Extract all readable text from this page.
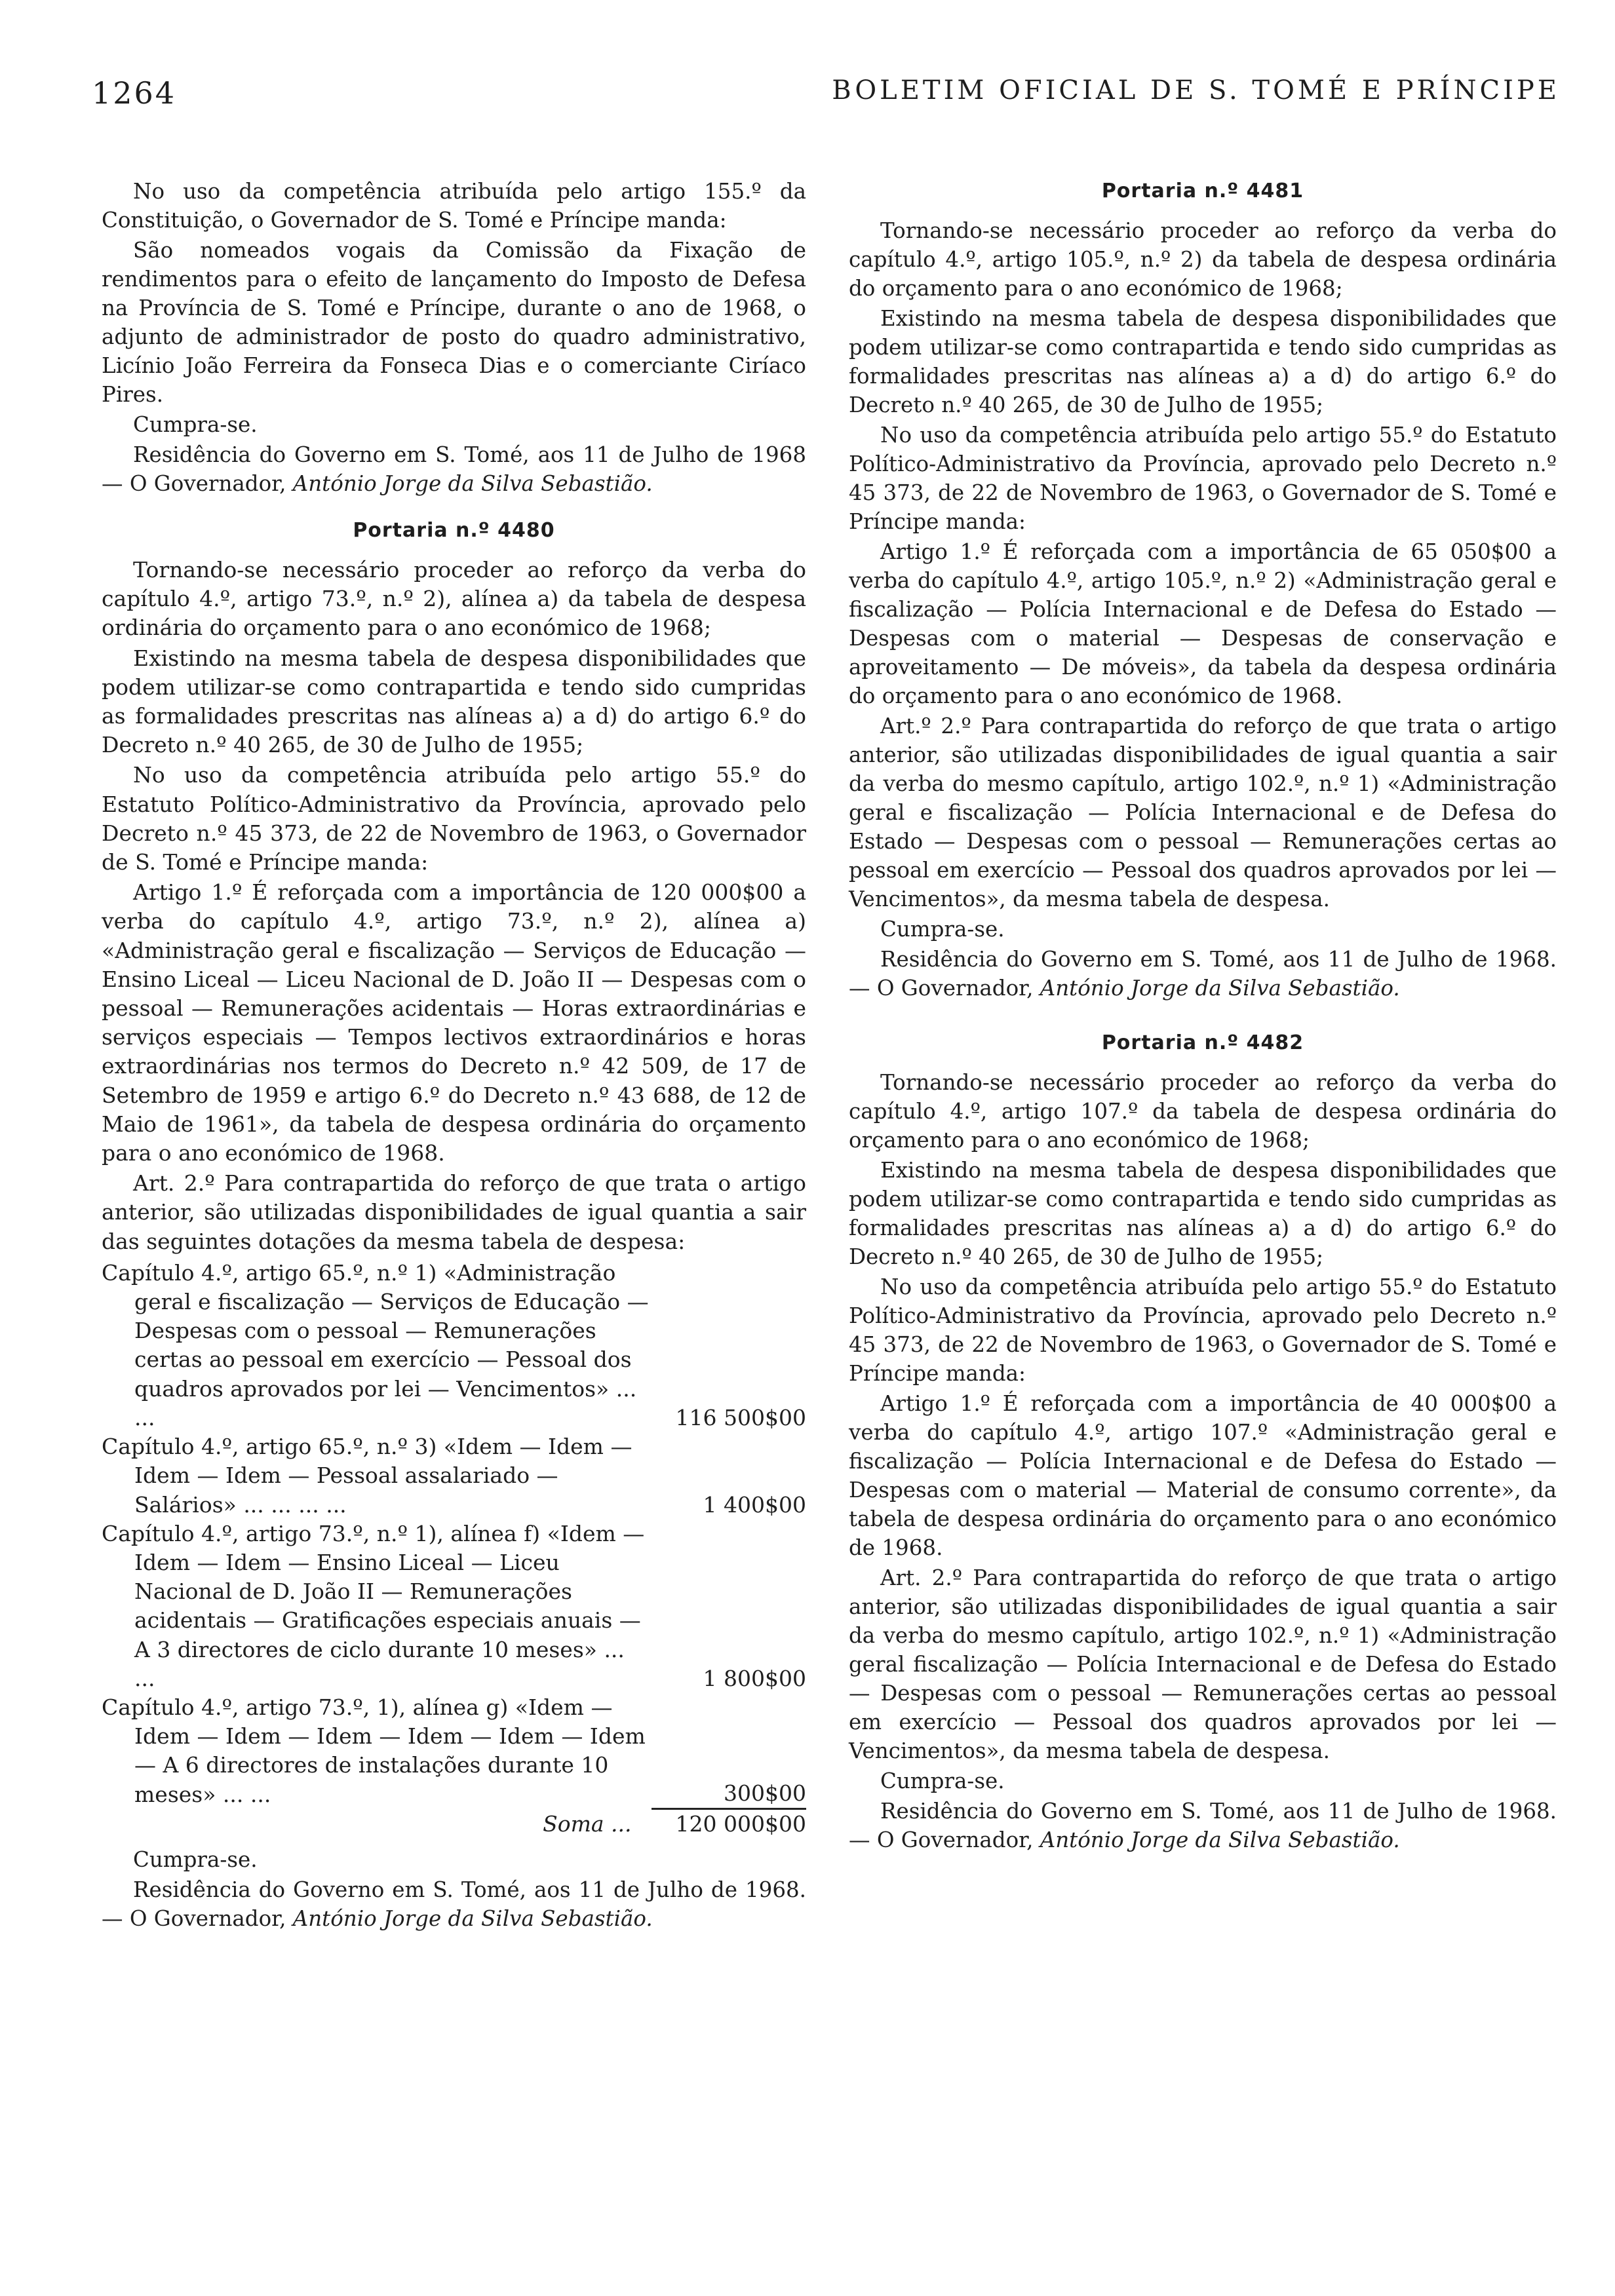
1264	BOLETIM OFICIAL DE S. TOMÉ E PRÍNCIPE

No uso da competência atribuída pelo artigo 155.º da Constituição, o Governador de S. Tomé e Príncipe manda:

São nomeados vogais da Comissão da Fixação de rendimentos para o efeito de lançamento do Imposto de Defesa na Província de S. Tomé e Príncipe, durante o ano de 1968, o adjunto de administrador de posto do quadro administrativo, Licínio João Ferreira da Fonseca Dias e o comerciante Ciríaco Pires.

Cumpra-se.

Residência do Governo em S. Tomé, aos 11 de Julho de 1968 — O Governador, António Jorge da Silva Sebastião.

Portaria n.º 4480

Tornando-se necessário proceder ao reforço da verba do capítulo 4.º, artigo 73.º, n.º 2), alínea a) da tabela de despesa ordinária do orçamento para o ano económico de 1968;

Existindo na mesma tabela de despesa disponibilidades que podem utilizar-se como contrapartida e tendo sido cumpridas as formalidades prescritas nas alíneas a) a d) do artigo 6.º do Decreto n.º 40 265, de 30 de Julho de 1955;

No uso da competência atribuída pelo artigo 55.º do Estatuto Político-Administrativo da Província, aprovado pelo Decreto n.º 45 373, de 22 de Novembro de 1963, o Governador de S. Tomé e Príncipe manda:

Artigo 1.º É reforçada com a importância de 120 000$00 a verba do capítulo 4.º, artigo 73.º, n.º 2), alínea a) «Administração geral e fiscalização — Serviços de Educação — Ensino Liceal — Liceu Nacional de D. João II — Despesas com o pessoal — Remunerações acidentais — Horas extraordinárias e serviços especiais — Tempos lectivos extraordinários e horas extraordinárias nos termos do Decreto n.º 42 509, de 17 de Setembro de 1959 e artigo 6.º do Decreto n.º 43 688, de 12 de Maio de 1961», da tabela de despesa ordinária do orçamento para o ano económico de 1968.

Art. 2.º Para contrapartida do reforço de que trata o artigo anterior, são utilizadas disponibilidades de igual quantia a sair das seguintes dotações da mesma tabela de despesa:

Capítulo 4.º, artigo 65.º, n.º 1) «Administração geral e fiscalização — Serviços de Educação — Despesas com o pessoal — Remunerações certas ao pessoal em exercício — Pessoal dos quadros aprovados por lei — Vencimentos» ... ...	116 500$00
Capítulo 4.º, artigo 65.º, n.º 3) «Idem — Idem — Idem — Idem — Pessoal assalariado — Salários» ... ... ... ...	1 400$00
Capítulo 4.º, artigo 73.º, n.º 1), alínea f) «Idem — Idem — Idem — Ensino Liceal — Liceu Nacional de D. João II — Remunerações acidentais — Gratificações especiais anuais — A 3 directores de ciclo durante 10 meses» ... ...	1 800$00
Capítulo 4.º, artigo 73.º, 1), alínea g) «Idem — Idem — Idem — Idem — Idem — Idem — Idem — A 6 directores de instalações durante 10 meses» ... ...	300$00
Soma ...	120 000$00

Cumpra-se.

Residência do Governo em S. Tomé, aos 11 de Julho de 1968. — O Governador, António Jorge da Silva Sebastião.

Portaria n.º 4481

Tornando-se necessário proceder ao reforço da verba do capítulo 4.º, artigo 105.º, n.º 2) da tabela de despesa ordinária do orçamento para o ano económico de 1968;

Existindo na mesma tabela de despesa disponibilidades que podem utilizar-se como contrapartida e tendo sido cumpridas as formalidades prescritas nas alíneas a) a d) do artigo 6.º do Decreto n.º 40 265, de 30 de Julho de 1955;

No uso da competência atribuída pelo artigo 55.º do Estatuto Político-Administrativo da Província, aprovado pelo Decreto n.º 45 373, de 22 de Novembro de 1963, o Governador de S. Tomé e Príncipe manda:

Artigo 1.º É reforçada com a importância de 65 050$00 a verba do capítulo 4.º, artigo 105.º, n.º 2) «Administração geral e fiscalização — Polícia Internacional e de Defesa do Estado — Despesas com o material — Despesas de conservação e aproveitamento — De móveis», da tabela da despesa ordinária do orçamento para o ano económico de 1968.

Art.º 2.º Para contrapartida do reforço de que trata o artigo anterior, são utilizadas disponibilidades de igual quantia a sair da verba do mesmo capítulo, artigo 102.º, n.º 1) «Administração geral e fiscalização — Polícia Internacional e de Defesa do Estado — Despesas com o pessoal — Remunerações certas ao pessoal em exercício — Pessoal dos quadros aprovados por lei — Vencimentos», da mesma tabela de despesa.

Cumpra-se.

Residência do Governo em S. Tomé, aos 11 de Julho de 1968. — O Governador, António Jorge da Silva Sebastião.

Portaria n.º 4482

Tornando-se necessário proceder ao reforço da verba do capítulo 4.º, artigo 107.º da tabela de despesa ordinária do orçamento para o ano económico de 1968;

Existindo na mesma tabela de despesa disponibilidades que podem utilizar-se como contrapartida e tendo sido cumpridas as formalidades prescritas nas alíneas a) a d) do artigo 6.º do Decreto n.º 40 265, de 30 de Julho de 1955;

No uso da competência atribuída pelo artigo 55.º do Estatuto Político-Administrativo da Província, aprovado pelo Decreto n.º 45 373, de 22 de Novembro de 1963, o Governador de S. Tomé e Príncipe manda:

Artigo 1.º É reforçada com a importância de 40 000$00 a verba do capítulo 4.º, artigo 107.º «Administração geral e fiscalização — Polícia Internacional e de Defesa do Estado — Despesas com o material — Material de consumo corrente», da tabela de despesa ordinária do orçamento para o ano económico de 1968.

Art. 2.º Para contrapartida do reforço de que trata o artigo anterior, são utilizadas disponibilidades de igual quantia a sair da verba do mesmo capítulo, artigo 102.º, n.º 1) «Administração geral fiscalização — Polícia Internacional e de Defesa do Estado — Despesas com o pessoal — Remunerações certas ao pessoal em exercício — Pessoal dos quadros aprovados por lei — Vencimentos», da mesma tabela de despesa.

Cumpra-se.

Residência do Governo em S. Tomé, aos 11 de Julho de 1968. — O Governador, António Jorge da Silva Sebastião.
